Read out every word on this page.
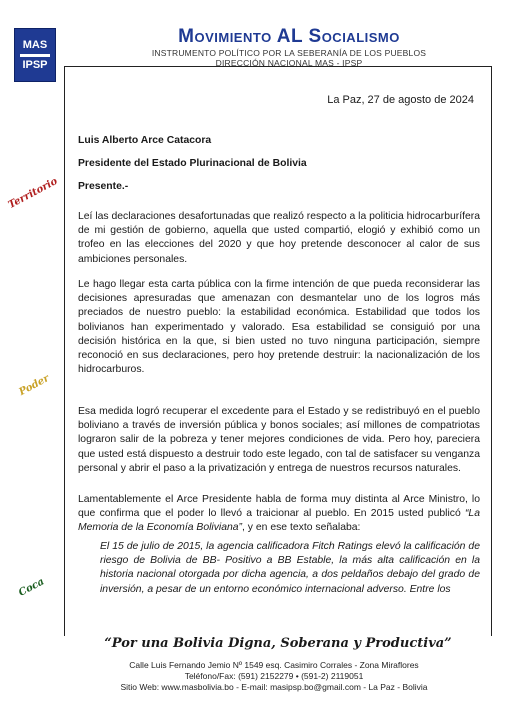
MAS
IPSP
Movimiento AL Socialismo
INSTRUMENTO POLÍTICO POR LA SEBERANÍA DE LOS PUEBLOS
DIRECCIÓN NACIONAL MAS - IPSP
Territorio
Poder
Coca
La Paz, 27 de agosto de 2024
Luis Alberto Arce Catacora
Presidente del Estado Plurinacional de Bolivia
Presente.-

Leí las declaraciones desafortunadas que realizó respecto a la politicia hidrocarburífera de mi gestión de gobierno, aquella que usted compartió, elogió y exhibió como un trofeo en las elecciones del 2020 y que hoy pretende desconocer al calor de sus ambiciones personales.

Le hago llegar esta carta pública con la firme intención de que pueda reconsiderar las decisiones apresuradas que amenazan con desmantelar uno de los logros más preciados de nuestro pueblo: la estabilidad económica. Estabilidad que todos los bolivianos han experimentado y valorado. Esa estabilidad se consiguió por una decisión histórica en la que, si bien usted no tuvo ninguna participación, siempre reconoció en sus declaraciones, pero hoy pretende destruir: la nacionalización de los hidrocarburos.

Esa medida logró recuperar el excedente para el Estado y se redistribuyó en el pueblo boliviano a través de inversión pública y bonos sociales; así millones de compatriotas lograron salir de la pobreza y tener mejores condiciones de vida. Pero hoy, pareciera que usted está dispuesto a destruir todo este legado, con tal de satisfacer su venganza personal y abrir el paso a la privatización y entrega de nuestros recursos naturales.

Lamentablemente el Arce Presidente habla de forma muy distinta al Arce Ministro, lo que confirma que el poder lo llevó a traicionar al pueblo. En 2015 usted publicó “La Memoria de la Economía Boliviana”, y en ese texto señalaba:

El 15 de julio de 2015, la agencia calificadora Fitch Ratings elevó la calificación de riesgo de Bolivia de BB- Positivo a BB Estable, la más alta calificación en la historia nacional otorgada por dicha agencia, a dos peldaños debajo del grado de inversión, a pesar de un entorno económico internacional adverso. Entre los

“Por una Bolivia Digna, Soberana y Productiva”
Calle Luis Fernando Jemio Nº 1549 esq. Casimiro Corrales - Zona Miraflores
Teléfono/Fax: (591) 2152279 • (591-2) 2119051
Sitio Web: www.masbolivia.bo - E-mail: masipsp.bo@gmail.com - La Paz - Bolivia
